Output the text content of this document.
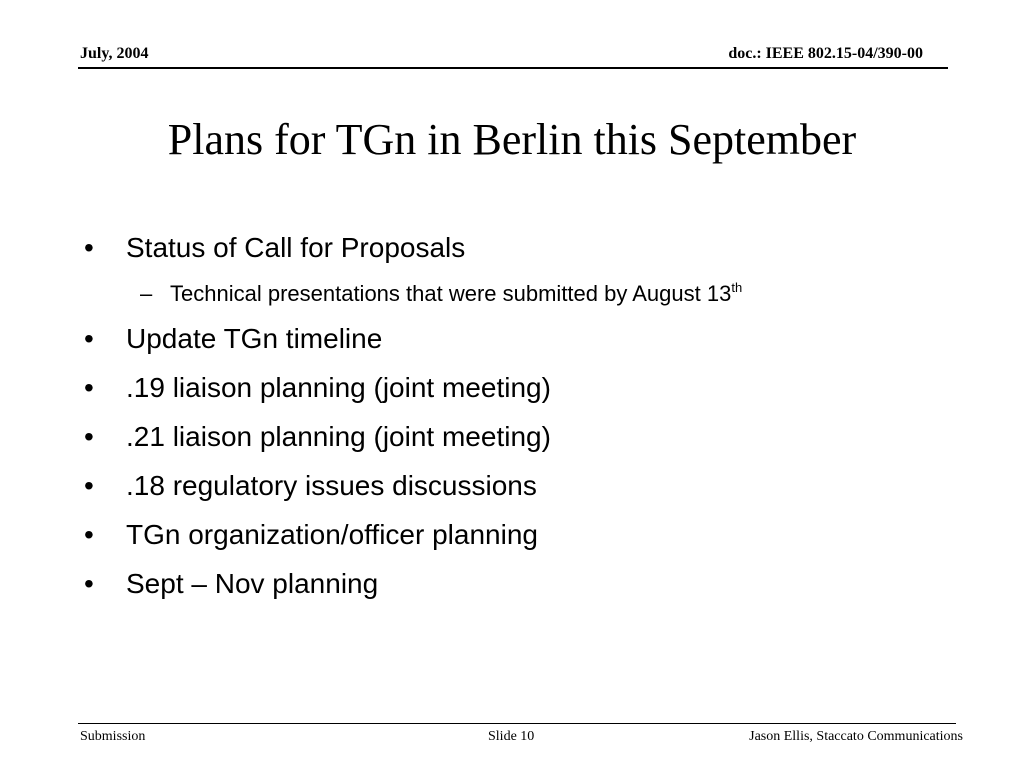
July, 2004	doc.: IEEE 802.15-04/390-00
Plans for TGn in Berlin this September
• Status of Call for Proposals
– Technical presentations that were submitted by August 13th
• Update TGn timeline
• .19 liaison planning (joint meeting)
• .21 liaison planning (joint meeting)
• .18 regulatory issues discussions
• TGn organization/officer planning
• Sept – Nov planning
Submission	Slide 10	Jason Ellis, Staccato Communications
